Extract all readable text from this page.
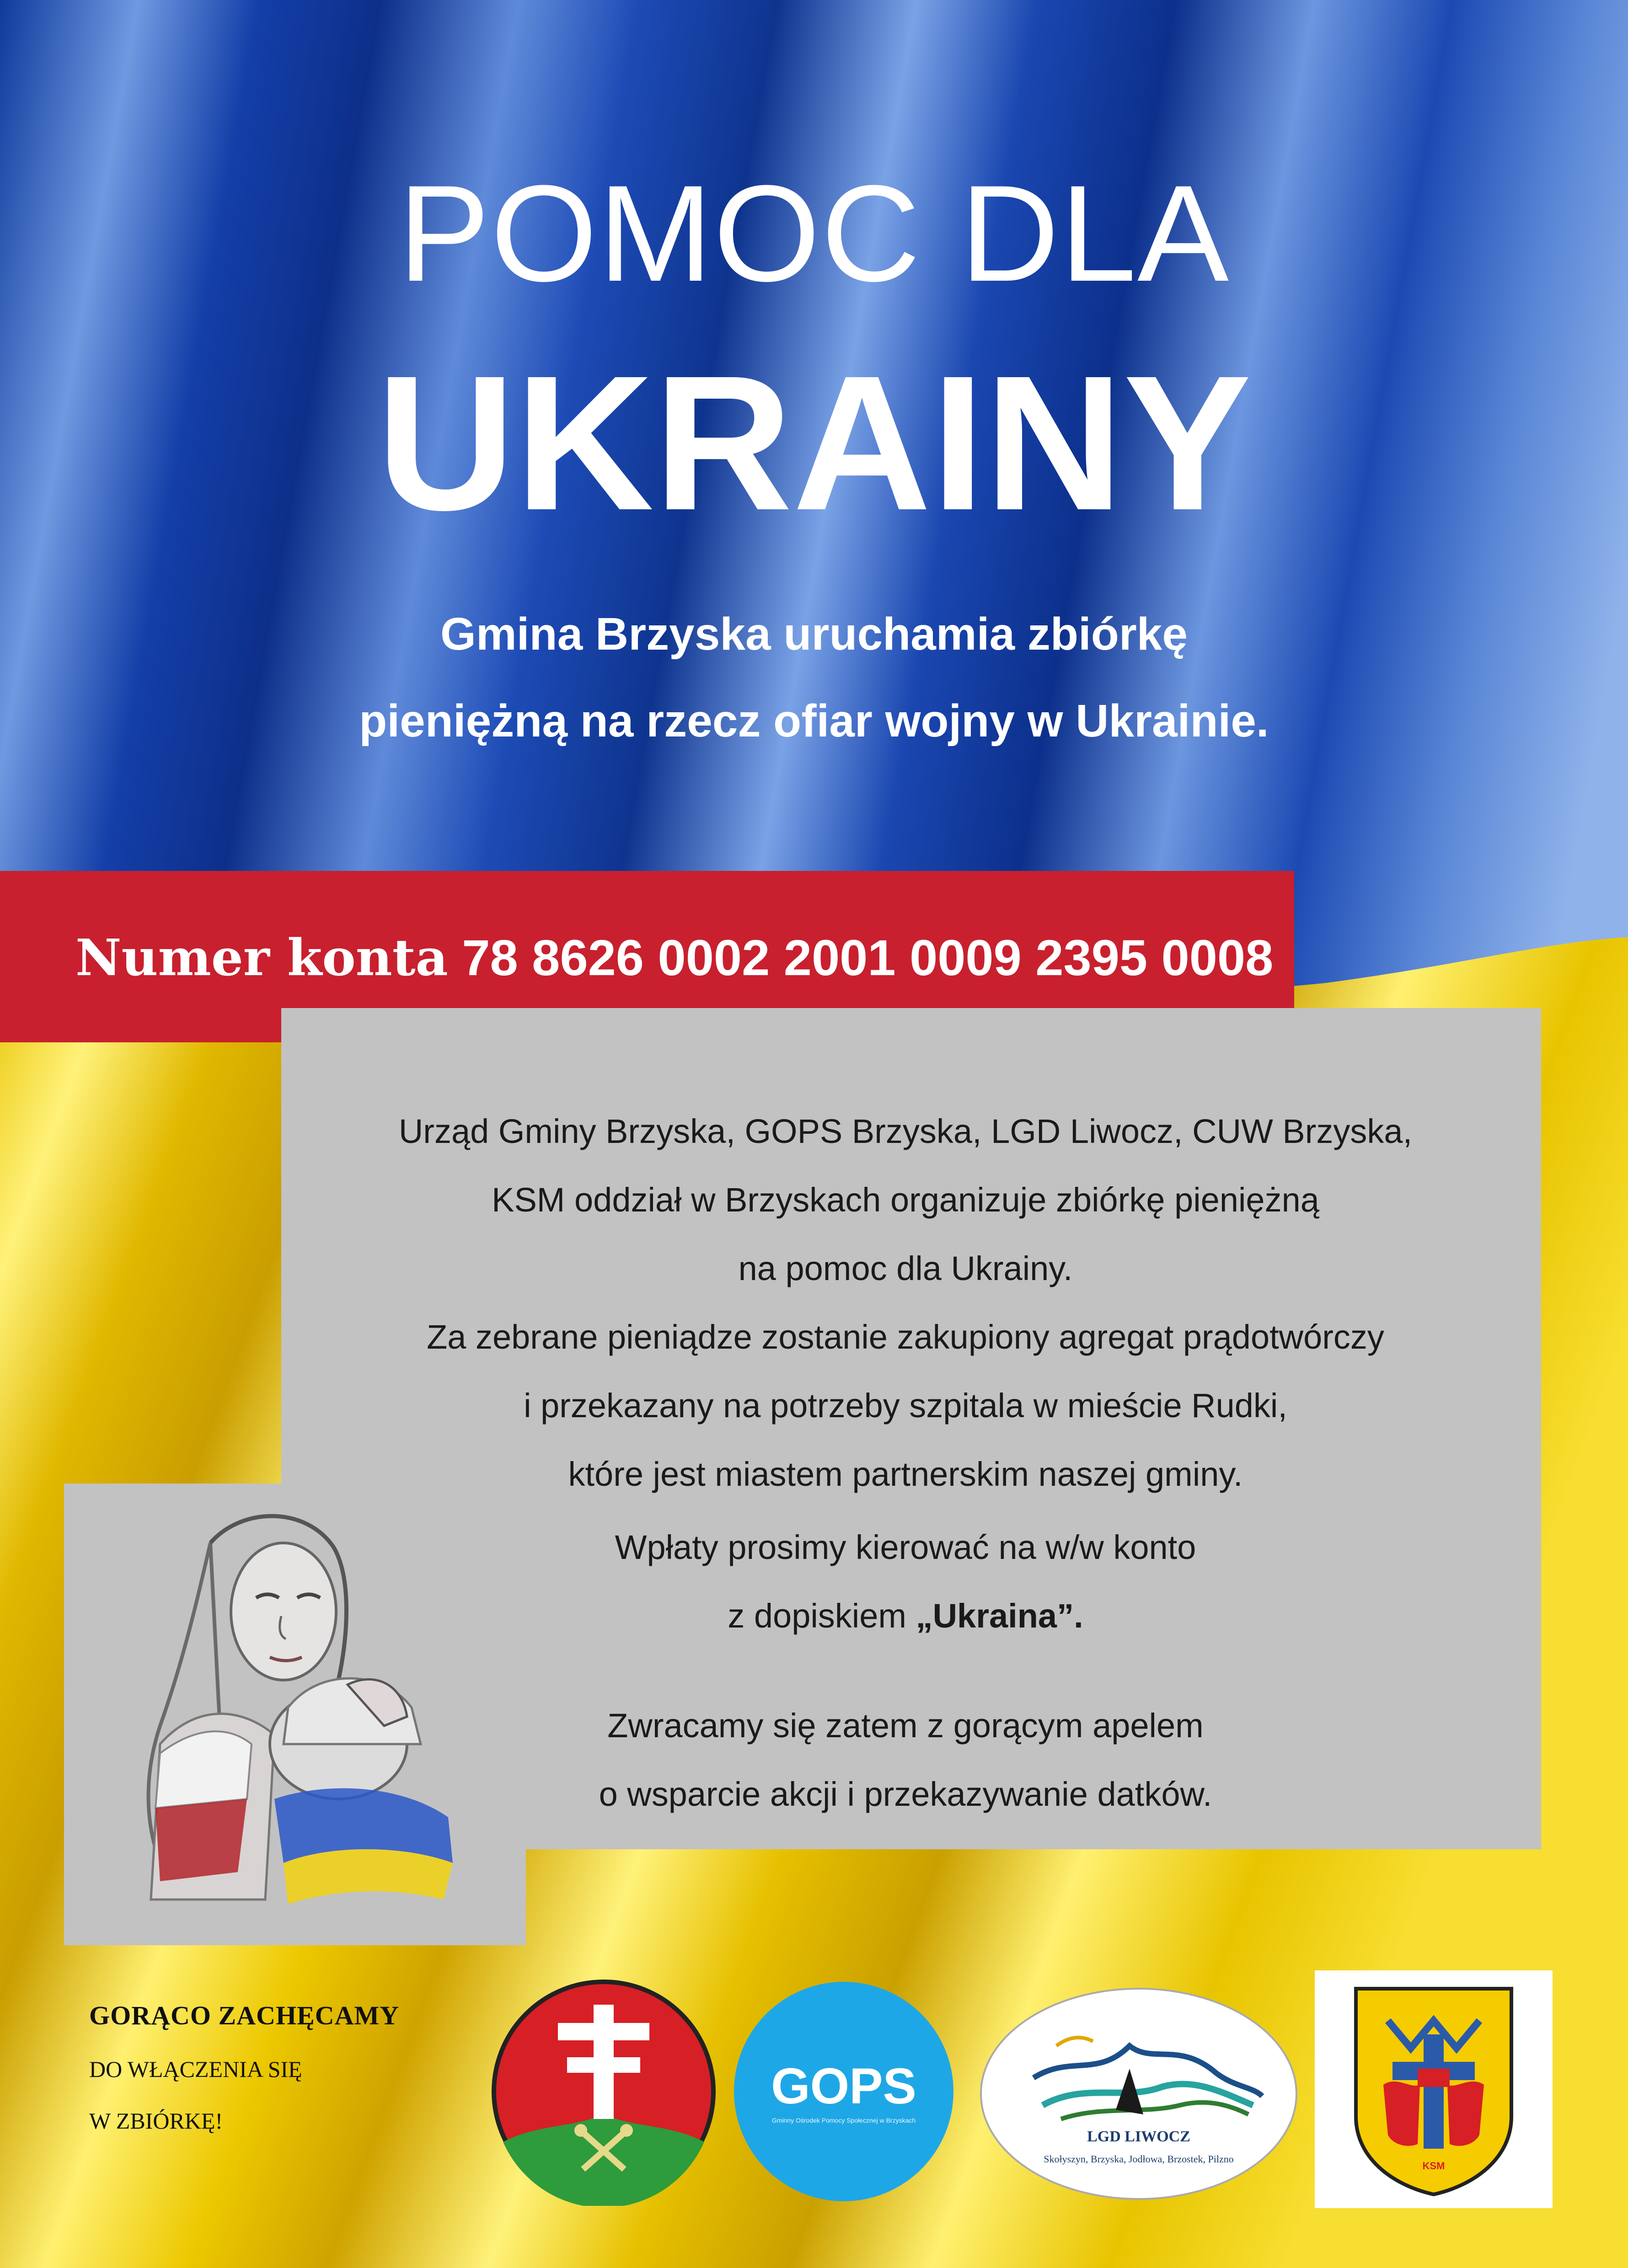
POMOC DLA
UKRAINY
Gmina Brzyska uruchamia zbiórkę
pieniężną na rzecz ofiar wojny w Ukrainie.
Numer konta 78 8626 0002 2001 0009 2395 0008

Urząd Gminy Brzyska, GOPS Brzyska, LGD Liwocz, CUW Brzyska,

KSM oddział w Brzyskach organizuje zbiórkę pieniężną

na pomoc dla Ukrainy.

Za zebrane pieniądze zostanie zakupiony agregat prądotwórczy

i przekazany na potrzeby szpitala w mieście Rudki,

które jest miastem partnerskim naszej gminy.

Wpłaty prosimy kierować na w/w konto

z dopiskiem „Ukraina”.

Zwracamy się zatem z gorącym apelem

o wsparcie akcji i przekazywanie datków.

GORĄCO ZACHĘCAMY
DO WŁĄCZENIA SIĘ
W ZBIÓRKĘ!
GOPS
Gminny Ośrodek Pomocy Społecznej w Brzyskach
LGD LIWOCZ
Skołyszyn, Brzyska, Jodłowa, Brzostek, Pilzno
KSM
